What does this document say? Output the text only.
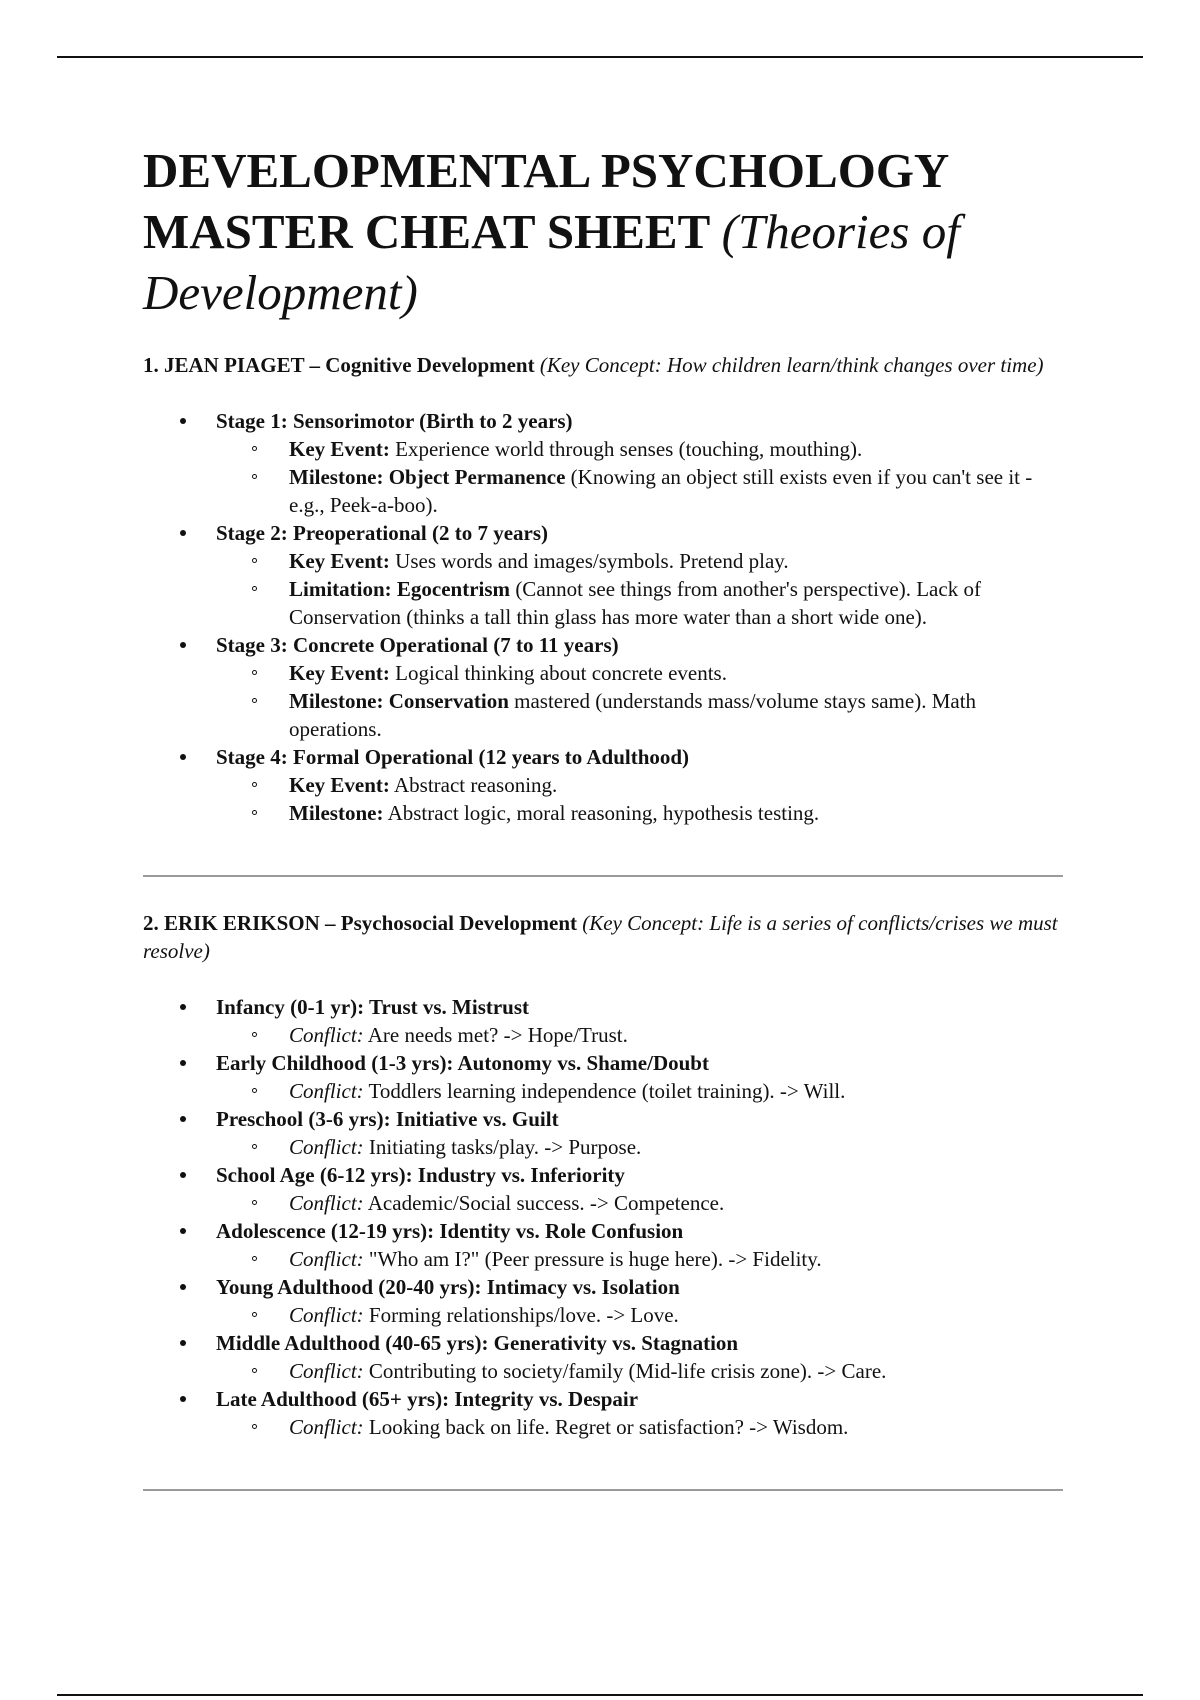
DEVELOPMENTAL PSYCHOLOGY MASTER CHEAT SHEET (Theories of Development)

1. JEAN PIAGET – Cognitive Development (Key Concept: How children learn/think changes over time)

Stage 1: Sensorimotor (Birth to 2 years)
Key Event: Experience world through senses (touching, mouthing).
Milestone: Object Permanence (Knowing an object still exists even if you can't see it - e.g., Peek-a-boo).
Stage 2: Preoperational (2 to 7 years)
Key Event: Uses words and images/symbols. Pretend play.
Limitation: Egocentrism (Cannot see things from another's perspective). Lack of Conservation (thinks a tall thin glass has more water than a short wide one).
Stage 3: Concrete Operational (7 to 11 years)
Key Event: Logical thinking about concrete events.
Milestone: Conservation mastered (understands mass/volume stays same). Math operations.
Stage 4: Formal Operational (12 years to Adulthood)
Key Event: Abstract reasoning.
Milestone: Abstract logic, moral reasoning, hypothesis testing.

2. ERIK ERIKSON – Psychosocial Development (Key Concept: Life is a series of conflicts/crises we must resolve)

Infancy (0-1 yr): Trust vs. Mistrust
Conflict: Are needs met? -> Hope/Trust.
Early Childhood (1-3 yrs): Autonomy vs. Shame/Doubt
Conflict: Toddlers learning independence (toilet training). -> Will.
Preschool (3-6 yrs): Initiative vs. Guilt
Conflict: Initiating tasks/play. -> Purpose.
School Age (6-12 yrs): Industry vs. Inferiority
Conflict: Academic/Social success. -> Competence.
Adolescence (12-19 yrs): Identity vs. Role Confusion
Conflict: "Who am I?" (Peer pressure is huge here). -> Fidelity.
Young Adulthood (20-40 yrs): Intimacy vs. Isolation
Conflict: Forming relationships/love. -> Love.
Middle Adulthood (40-65 yrs): Generativity vs. Stagnation
Conflict: Contributing to society/family (Mid-life crisis zone). -> Care.
Late Adulthood (65+ yrs): Integrity vs. Despair
Conflict: Looking back on life. Regret or satisfaction? -> Wisdom.
